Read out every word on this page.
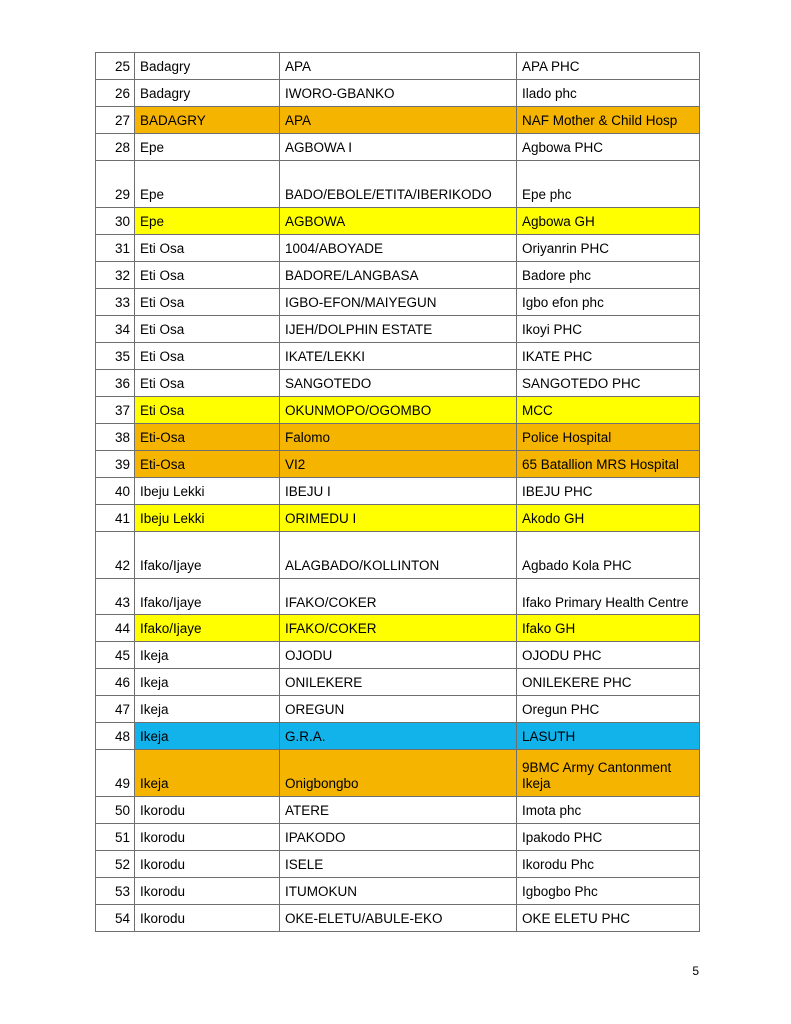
25	Badagry	APA	APA PHC
26	Badagry	IWORO-GBANKO	Ilado phc
27	BADAGRY	APA	NAF Mother & Child Hosp
28	Epe	AGBOWA I	Agbowa PHC
29	Epe	BADO/EBOLE/ETITA/IBERIKODO	Epe phc
30	Epe	AGBOWA	Agbowa GH
31	Eti Osa	1004/ABOYADE	Oriyanrin PHC
32	Eti Osa	BADORE/LANGBASA	Badore phc
33	Eti Osa	IGBO-EFON/MAIYEGUN	Igbo efon phc
34	Eti Osa	IJEH/DOLPHIN ESTATE	Ikoyi PHC
35	Eti Osa	IKATE/LEKKI	IKATE PHC
36	Eti Osa	SANGOTEDO	SANGOTEDO PHC
37	Eti Osa	OKUNMOPO/OGOMBO	MCC
38	Eti-Osa	Falomo	Police Hospital
39	Eti-Osa	VI2	65 Batallion MRS Hospital
40	Ibeju Lekki	IBEJU I	IBEJU PHC
41	Ibeju Lekki	ORIMEDU I	Akodo GH
42	Ifako/Ijaye	ALAGBADO/KOLLINTON	Agbado Kola PHC
43	Ifako/Ijaye	IFAKO/COKER	Ifako Primary Health Centre
44	Ifako/Ijaye	IFAKO/COKER	Ifako GH
45	Ikeja	OJODU	OJODU PHC
46	Ikeja	ONILEKERE	ONILEKERE PHC
47	Ikeja	OREGUN	Oregun PHC
48	Ikeja	G.R.A.	LASUTH
49	Ikeja	Onigbongbo	9BMC Army Cantonment Ikeja
50	Ikorodu	ATERE	Imota phc
51	Ikorodu	IPAKODO	Ipakodo PHC
52	Ikorodu	ISELE	Ikorodu Phc
53	Ikorodu	ITUMOKUN	Igbogbo Phc
54	Ikorodu	OKE-ELETU/ABULE-EKO	OKE ELETU PHC
5
